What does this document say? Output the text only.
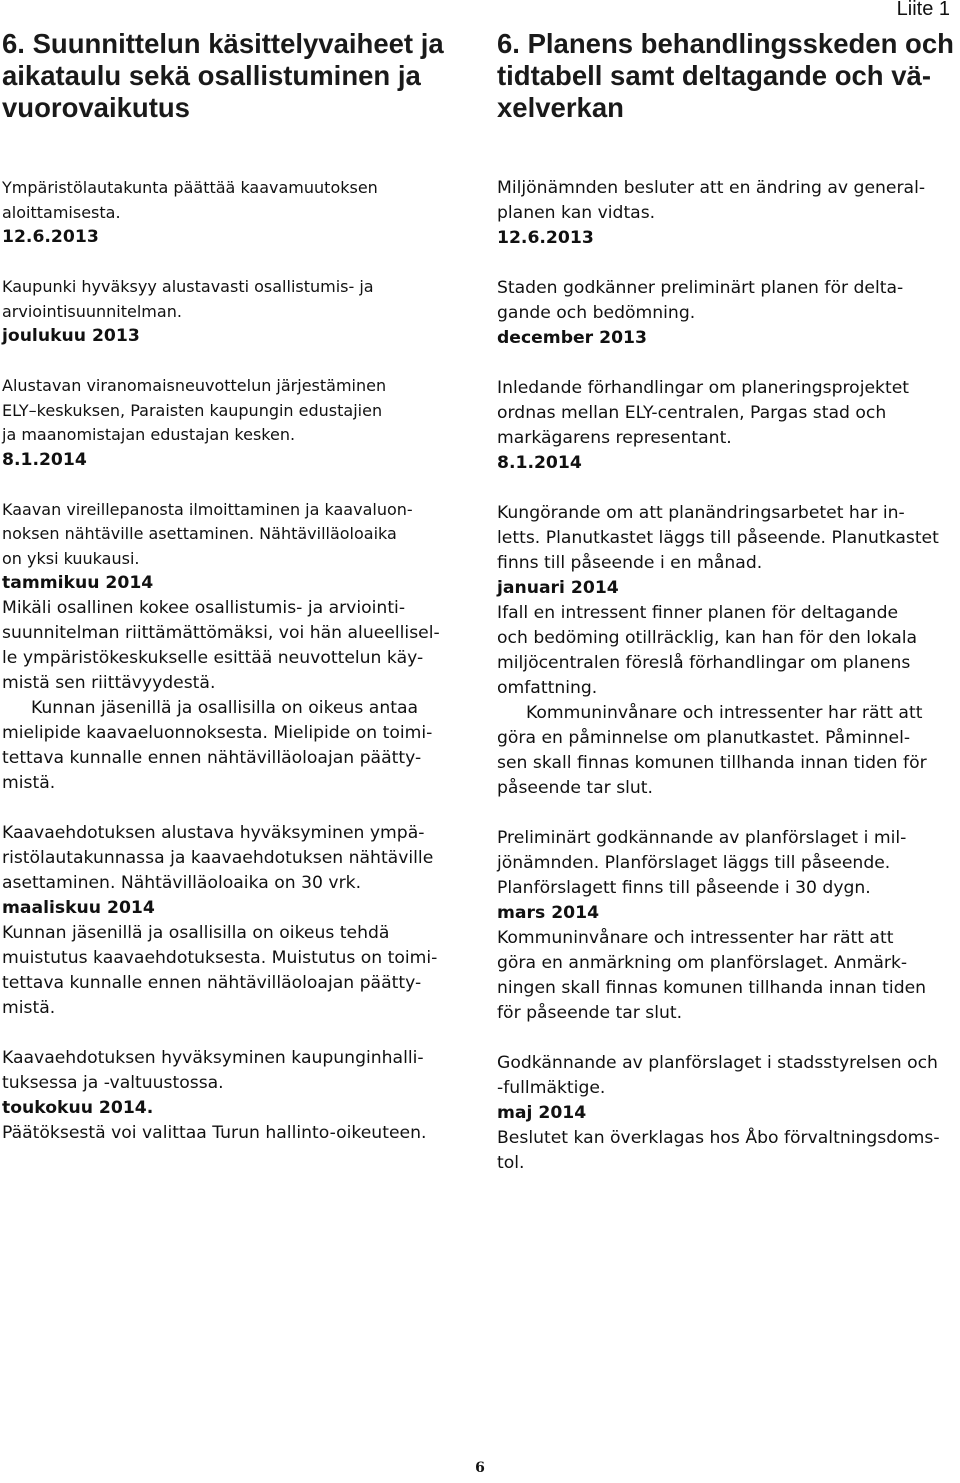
Liite 1
6. Suunnittelun käsittelyvaiheet ja
aikataulu sekä osallistuminen ja
vuorovaikutus
6. Planens behandlingsskeden och
tidtabell samt deltagande och vä-
xelverkan
Ympäristölautakunta päättää kaavamuutoksen
aloittamisesta.
12.6.2013
Kaupunki hyväksyy alustavasti osallistumis- ja
arviointisuunnitelman.
joulukuu 2013
Alustavan viranomaisneuvottelun järjestäminen
ELY–keskuksen, Paraisten kaupungin edustajien
ja maanomistajan edustajan kesken.
8.1.2014
Kaavan vireillepanosta ilmoittaminen ja kaavaluon-
noksen nähtäville asettaminen. Nähtävilläoloaika
on yksi kuukausi.
tammikuu 2014
Mikäli osallinen kokee osallistumis- ja arviointi-
suunnitelman riittämättömäksi, voi hän alueellisel-
le ympäristökeskukselle esittää neuvottelun käy-
mistä sen riittävyydestä.
Kunnan jäsenillä ja osallisilla on oikeus antaa
mielipide kaavaeluonnoksesta. Mielipide on toimi-
tettava kunnalle ennen nähtävilläoloajan päätty-
mistä.
Kaavaehdotuksen alustava hyväksyminen ympä-
ristölautakunnassa ja kaavaehdotuksen nähtäville
asettaminen. Nähtävilläoloaika on 30 vrk.
maaliskuu 2014
Kunnan jäsenillä ja osallisilla on oikeus tehdä
muistutus kaavaehdotuksesta. Muistutus on toimi-
tettava kunnalle ennen nähtävilläoloajan päätty-
mistä.
Kaavaehdotuksen hyväksyminen kaupunginhalli-
tuksessa ja -valtuustossa.
toukokuu 2014.
Päätöksestä voi valittaa Turun hallinto-oikeuteen.
Miljönämnden besluter att en ändring av general-
planen kan vidtas.
12.6.2013
Staden godkänner preliminärt planen för delta-
gande och bedömning.
december 2013
Inledande förhandlingar om planeringsprojektet
ordnas mellan ELY-centralen, Pargas stad och
markägarens representant.
8.1.2014
Kungörande om att planändringsarbetet har in-
letts. Planutkastet läggs till påseende. Planutkastet
finns till påseende i en månad.
januari 2014
Ifall en intressent finner planen för deltagande
och bedöming otillräcklig, kan han för den lokala
miljöcentralen föreslå förhandlingar om planens
omfattning.
Kommuninvånare och intressenter har rätt att
göra en påminnelse om planutkastet. Påminnel-
sen skall finnas komunen tillhanda innan tiden för
påseende tar slut.
Preliminärt godkännande av planförslaget i mil-
jönämnden. Planförslaget läggs till påseende.
Planförslagett finns till påseende i 30 dygn.
mars 2014
Kommuninvånare och intressenter har rätt att
göra en anmärkning om planförslaget. Anmärk-
ningen skall finnas komunen tillhanda innan tiden
för påseende tar slut.
Godkännande av planförslaget i stadsstyrelsen och
-fullmäktige.
maj 2014
Beslutet kan överklagas hos Åbo förvaltningsdoms-
tol.
6
